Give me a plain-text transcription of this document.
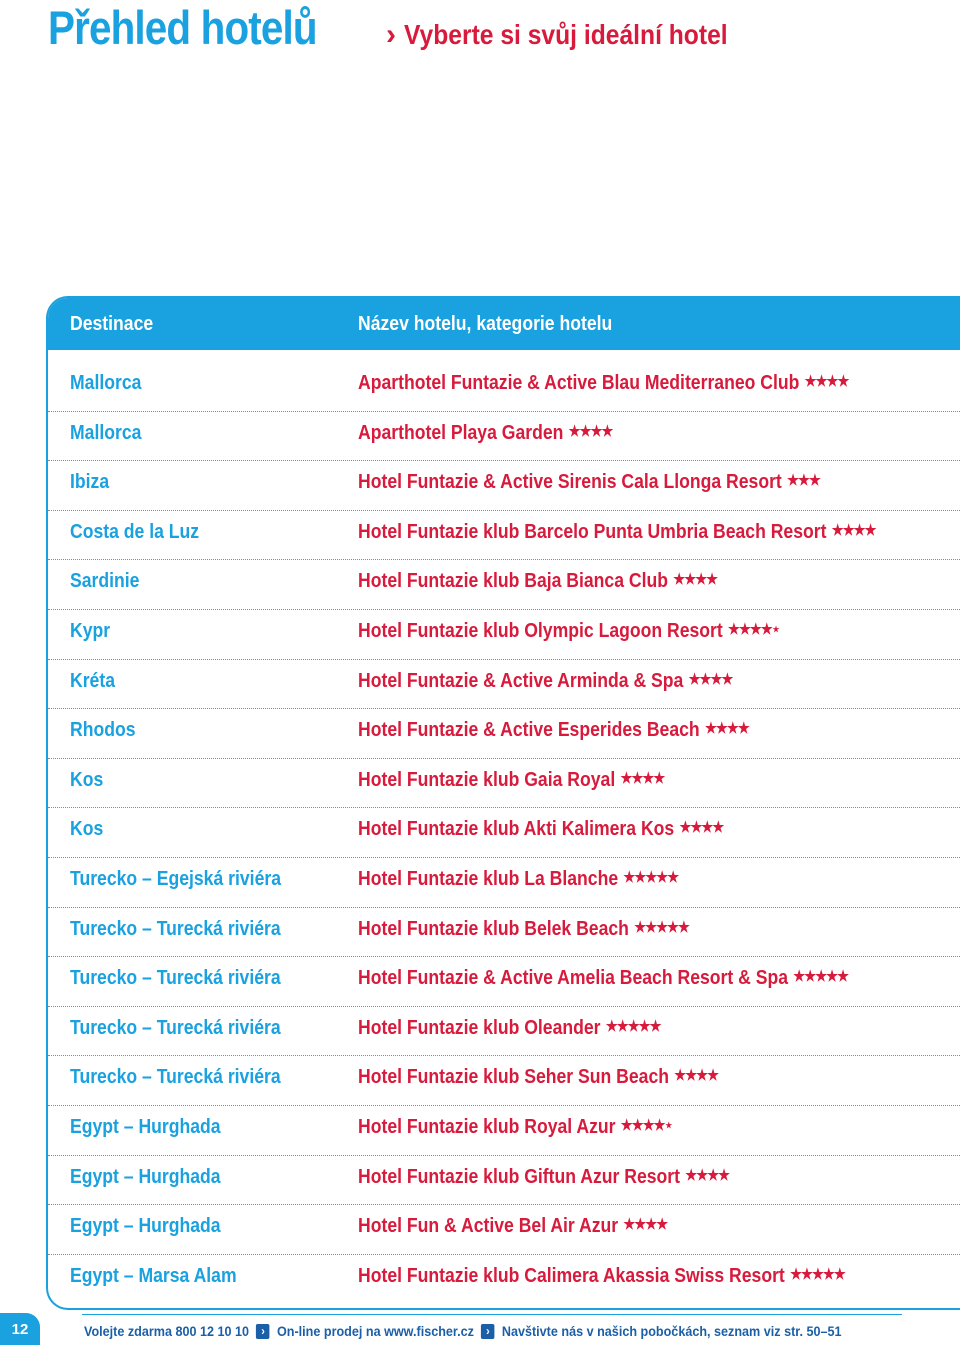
Přehled hotelů › Vyberte si svůj ideální hotel
Destinace	Název hotelu, kategorie hotelu
Mallorca	Aparthotel Funtazie & Active Blau Mediterraneo Club ★★★★
Mallorca	Aparthotel Playa Garden ★★★★
Ibiza	Hotel Funtazie & Active Sirenis Cala Llonga Resort ★★★
Costa de la Luz	Hotel Funtazie klub Barcelo Punta Umbria Beach Resort ★★★★
Sardinie	Hotel Funtazie klub Baja Bianca Club ★★★★
Kypr	Hotel Funtazie klub Olympic Lagoon Resort ★★★★⋆
Kréta	Hotel Funtazie & Active Arminda & Spa ★★★★
Rhodos	Hotel Funtazie & Active Esperides Beach ★★★★
Kos	Hotel Funtazie klub Gaia Royal ★★★★
Kos	Hotel Funtazie klub Akti Kalimera Kos ★★★★
Turecko – Egejská riviéra	Hotel Funtazie klub La Blanche ★★★★★
Turecko – Turecká riviéra	Hotel Funtazie klub Belek Beach ★★★★★
Turecko – Turecká riviéra	Hotel Funtazie & Active Amelia Beach Resort & Spa ★★★★★
Turecko – Turecká riviéra	Hotel Funtazie klub Oleander ★★★★★
Turecko – Turecká riviéra	Hotel Funtazie klub Seher Sun Beach ★★★★
Egypt – Hurghada	Hotel Funtazie klub Royal Azur ★★★★⋆
Egypt – Hurghada	Hotel Funtazie klub Giftun Azur Resort ★★★★
Egypt – Hurghada	Hotel Fun & Active Bel Air Azur ★★★★
Egypt – Marsa Alam	Hotel Funtazie klub Calimera Akassia Swiss Resort ★★★★★
12	Volejte zdarma 800 12 10 10	› On-line prodej na www.fischer.cz	› Navštivte nás v našich pobočkách, seznam viz str. 50–51
